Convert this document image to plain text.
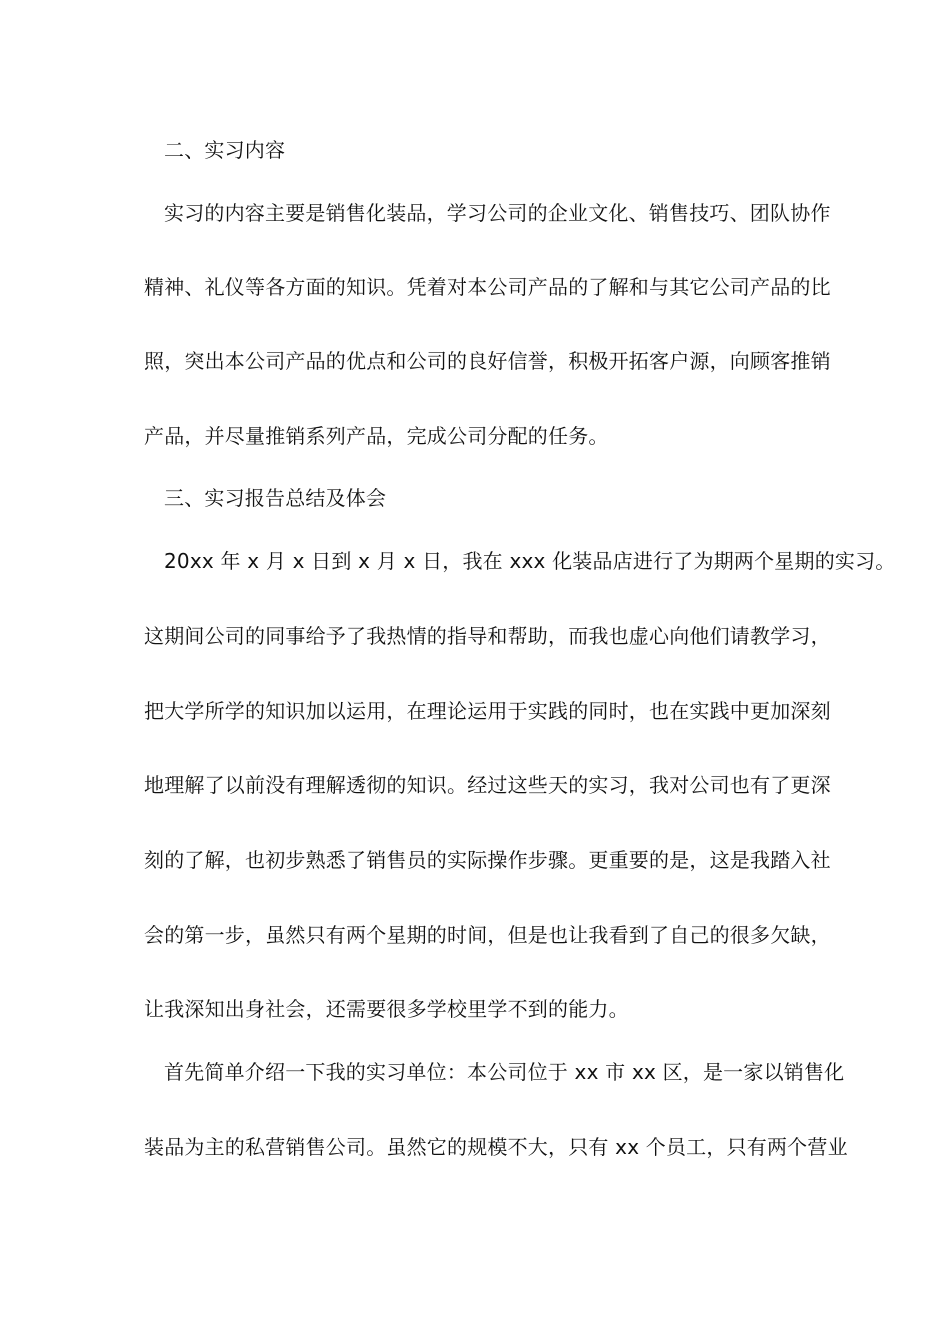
二、实习内容
实习的内容主要是销售化装品，学习公司的企业文化、销售技巧、团队协作
精神、礼仪等各方面的知识。凭着对本公司产品的了解和与其它公司产品的比
照，突出本公司产品的优点和公司的良好信誉，积极开拓客户源，向顾客推销
产品，并尽量推销系列产品，完成公司分配的任务。
三、实习报告总结及体会
20xx 年 x 月 x 日到 x 月 x 日，我在 xxx 化装品店进行了为期两个星期的实习。
这期间公司的同事给予了我热情的指导和帮助，而我也虚心向他们请教学习，
把大学所学的知识加以运用，在理论运用于实践的同时，也在实践中更加深刻
地理解了以前没有理解透彻的知识。经过这些天的实习，我对公司也有了更深
刻的了解，也初步熟悉了销售员的实际操作步骤。更重要的是，这是我踏入社
会的第一步，虽然只有两个星期的时间，但是也让我看到了自己的很多欠缺，
让我深知出身社会，还需要很多学校里学不到的能力。
首先简单介绍一下我的实习单位：本公司位于 xx 市 xx 区，是一家以销售化
装品为主的私营销售公司。虽然它的规模不大，只有 xx 个员工，只有两个营业
